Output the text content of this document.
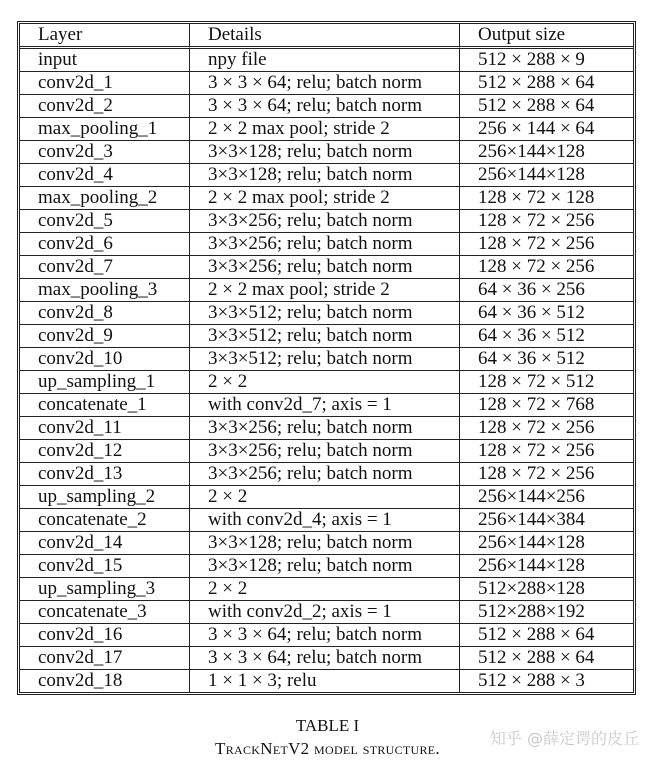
Layer	Details	Output size
input	npy file	512 × 288 × 9
conv2d_1	3 × 3 × 64; relu; batch norm	512 × 288 × 64
conv2d_2	3 × 3 × 64; relu; batch norm	512 × 288 × 64
max_pooling_1	2 × 2 max pool; stride 2	256 × 144 × 64
conv2d_3	3×3×128; relu; batch norm	256×144×128
conv2d_4	3×3×128; relu; batch norm	256×144×128
max_pooling_2	2 × 2 max pool; stride 2	128 × 72 × 128
conv2d_5	3×3×256; relu; batch norm	128 × 72 × 256
conv2d_6	3×3×256; relu; batch norm	128 × 72 × 256
conv2d_7	3×3×256; relu; batch norm	128 × 72 × 256
max_pooling_3	2 × 2 max pool; stride 2	64 × 36 × 256
conv2d_8	3×3×512; relu; batch norm	64 × 36 × 512
conv2d_9	3×3×512; relu; batch norm	64 × 36 × 512
conv2d_10	3×3×512; relu; batch norm	64 × 36 × 512
up_sampling_1	2 × 2	128 × 72 × 512
concatenate_1	with conv2d_7; axis = 1	128 × 72 × 768
conv2d_11	3×3×256; relu; batch norm	128 × 72 × 256
conv2d_12	3×3×256; relu; batch norm	128 × 72 × 256
conv2d_13	3×3×256; relu; batch norm	128 × 72 × 256
up_sampling_2	2 × 2	256×144×256
concatenate_2	with conv2d_4; axis = 1	256×144×384
conv2d_14	3×3×128; relu; batch norm	256×144×128
conv2d_15	3×3×128; relu; batch norm	256×144×128
up_sampling_3	2 × 2	512×288×128
concatenate_3	with conv2d_2; axis = 1	512×288×192
conv2d_16	3 × 3 × 64; relu; batch norm	512 × 288 × 64
conv2d_17	3 × 3 × 64; relu; batch norm	512 × 288 × 64
conv2d_18	1 × 1 × 3; relu	512 × 288 × 3
TABLE I
TrackNetV2 model structure.
知乎 @薛定谔的皮丘
